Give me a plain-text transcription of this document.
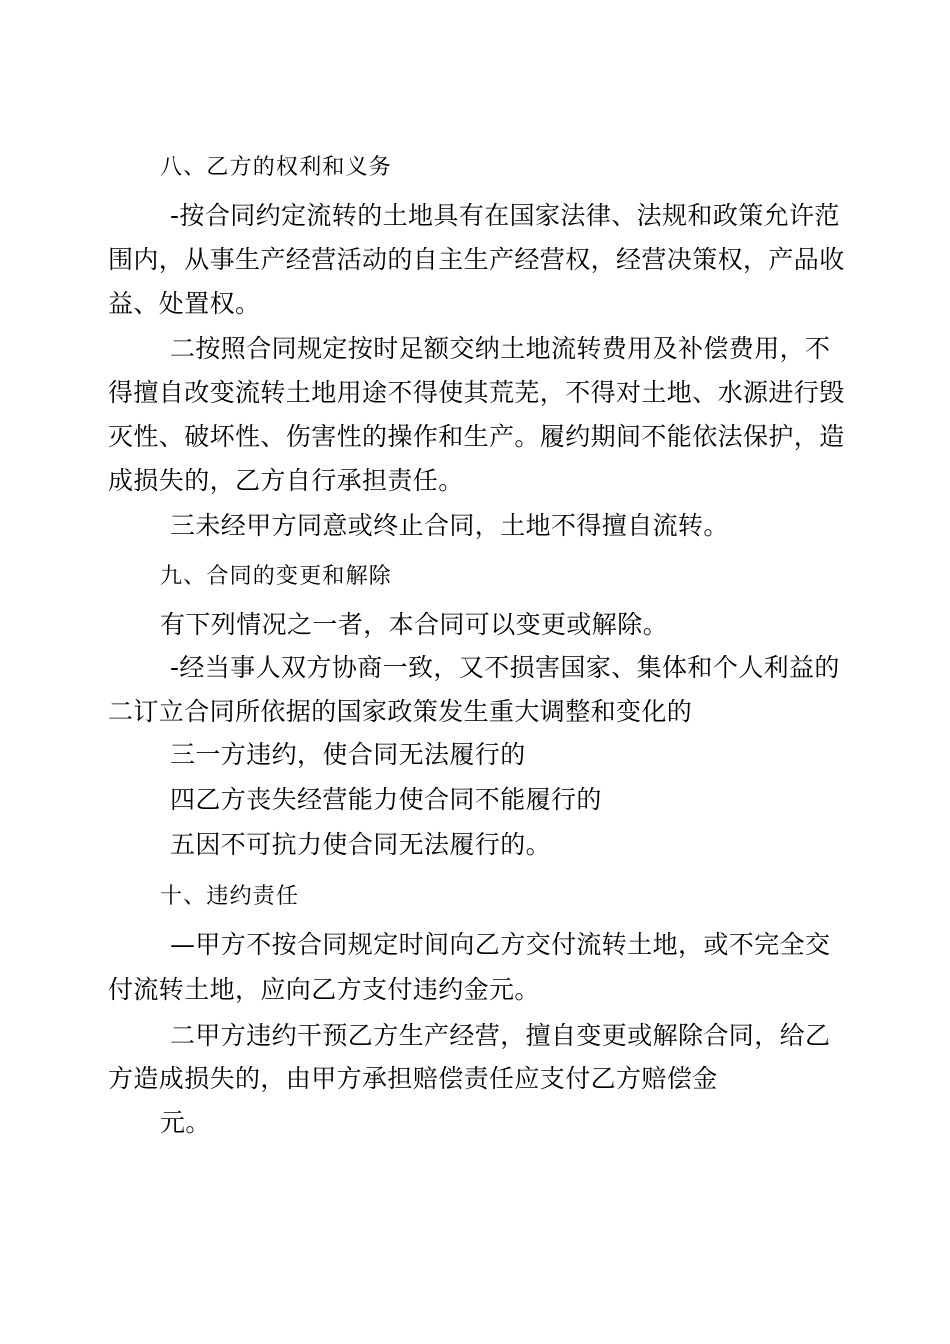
八、乙方的权利和义务
-按合同约定流转的土地具有在国家法律、法规和政策允许范
围内，从事生产经营活动的自主生产经营权，经营决策权，产品收
益、处置权。
二按照合同规定按时足额交纳土地流转费用及补偿费用，不
得擅自改变流转土地用途不得使其荒芜，不得对土地、水源进行毁
灭性、破坏性、伤害性的操作和生产。履约期间不能依法保护，造
成损失的，乙方自行承担责任。
三未经甲方同意或终止合同，土地不得擅自流转。
九、合同的变更和解除
有下列情况之一者，本合同可以变更或解除。
-经当事人双方协商一致，又不损害国家、集体和个人利益的
二订立合同所依据的国家政策发生重大调整和变化的
三一方违约，使合同无法履行的
四乙方丧失经营能力使合同不能履行的
五因不可抗力使合同无法履行的。
十、违约责任
—甲方不按合同规定时间向乙方交付流转土地，或不完全交
付流转土地，应向乙方支付违约金元。
二甲方违约干预乙方生产经营，擅自变更或解除合同，给乙
方造成损失的，由甲方承担赔偿责任应支付乙方赔偿金
元。
